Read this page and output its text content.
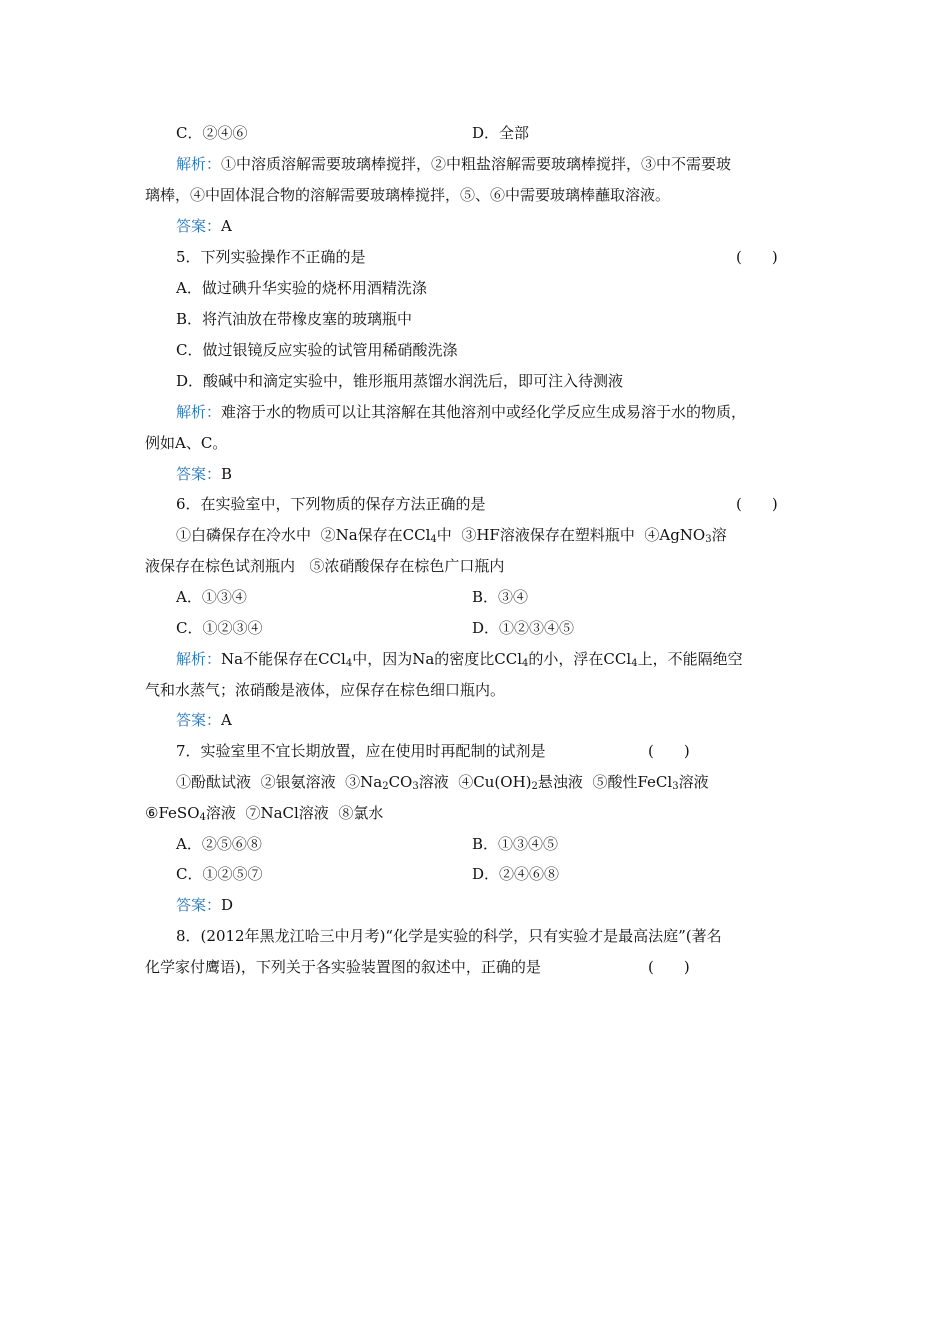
C．②④⑥	D．全部
解析：①中溶质溶解需要玻璃棒搅拌，②中粗盐溶解需要玻璃棒搅拌，③中不需要玻
璃棒，④中固体混合物的溶解需要玻璃棒搅拌，⑤、⑥中需要玻璃棒蘸取溶液。
答案：A
5．下列实验操作不正确的是	(　　)
A．做过碘升华实验的烧杯用酒精洗涤
B．将汽油放在带橡皮塞的玻璃瓶中
C．做过银镜反应实验的试管用稀硝酸洗涤
D．酸碱中和滴定实验中，锥形瓶用蒸馏水润洗后，即可注入待测液
解析：难溶于水的物质可以让其溶解在其他溶剂中或经化学反应生成易溶于水的物质，
例如A、C。
答案：B
6．在实验室中，下列物质的保存方法正确的是	(　　)
①白磷保存在冷水中 ②Na保存在CCl$_4$中 ③HF溶液保存在塑料瓶中 ④AgNO$_3$溶
液保存在棕色试剂瓶内 ⑤浓硝酸保存在棕色广口瓶内
A．①③④	B．③④
C．①②③④	D．①②③④⑤
解析：Na不能保存在CCl$_4$中，因为Na的密度比CCl$_4$的小，浮在CCl$_4$上，不能隔绝空
气和水蒸气；浓硝酸是液体，应保存在棕色细口瓶内。
答案：A
7．实验室里不宜长期放置，应在使用时再配制的试剂是	(　　)
①酚酞试液 ②银氨溶液 $③Na_2CO_3$溶液 $④Cu(OH)_2$悬浊液 ⑤酸性FeCl$_3$溶液
⑥FeSO$_4$溶液 ⑦NaCl溶液 ⑧氯水
A．②⑤⑥⑧	B．①③④⑤
C．①②⑤⑦	D．②④⑥⑧
答案：D
8．(2012年黑龙江哈三中月考)“化学是实验的科学，只有实验才是最高法庭”(著名
化学家付鹰语)，下列关于各实验装置图的叙述中，正确的是	(　　)
